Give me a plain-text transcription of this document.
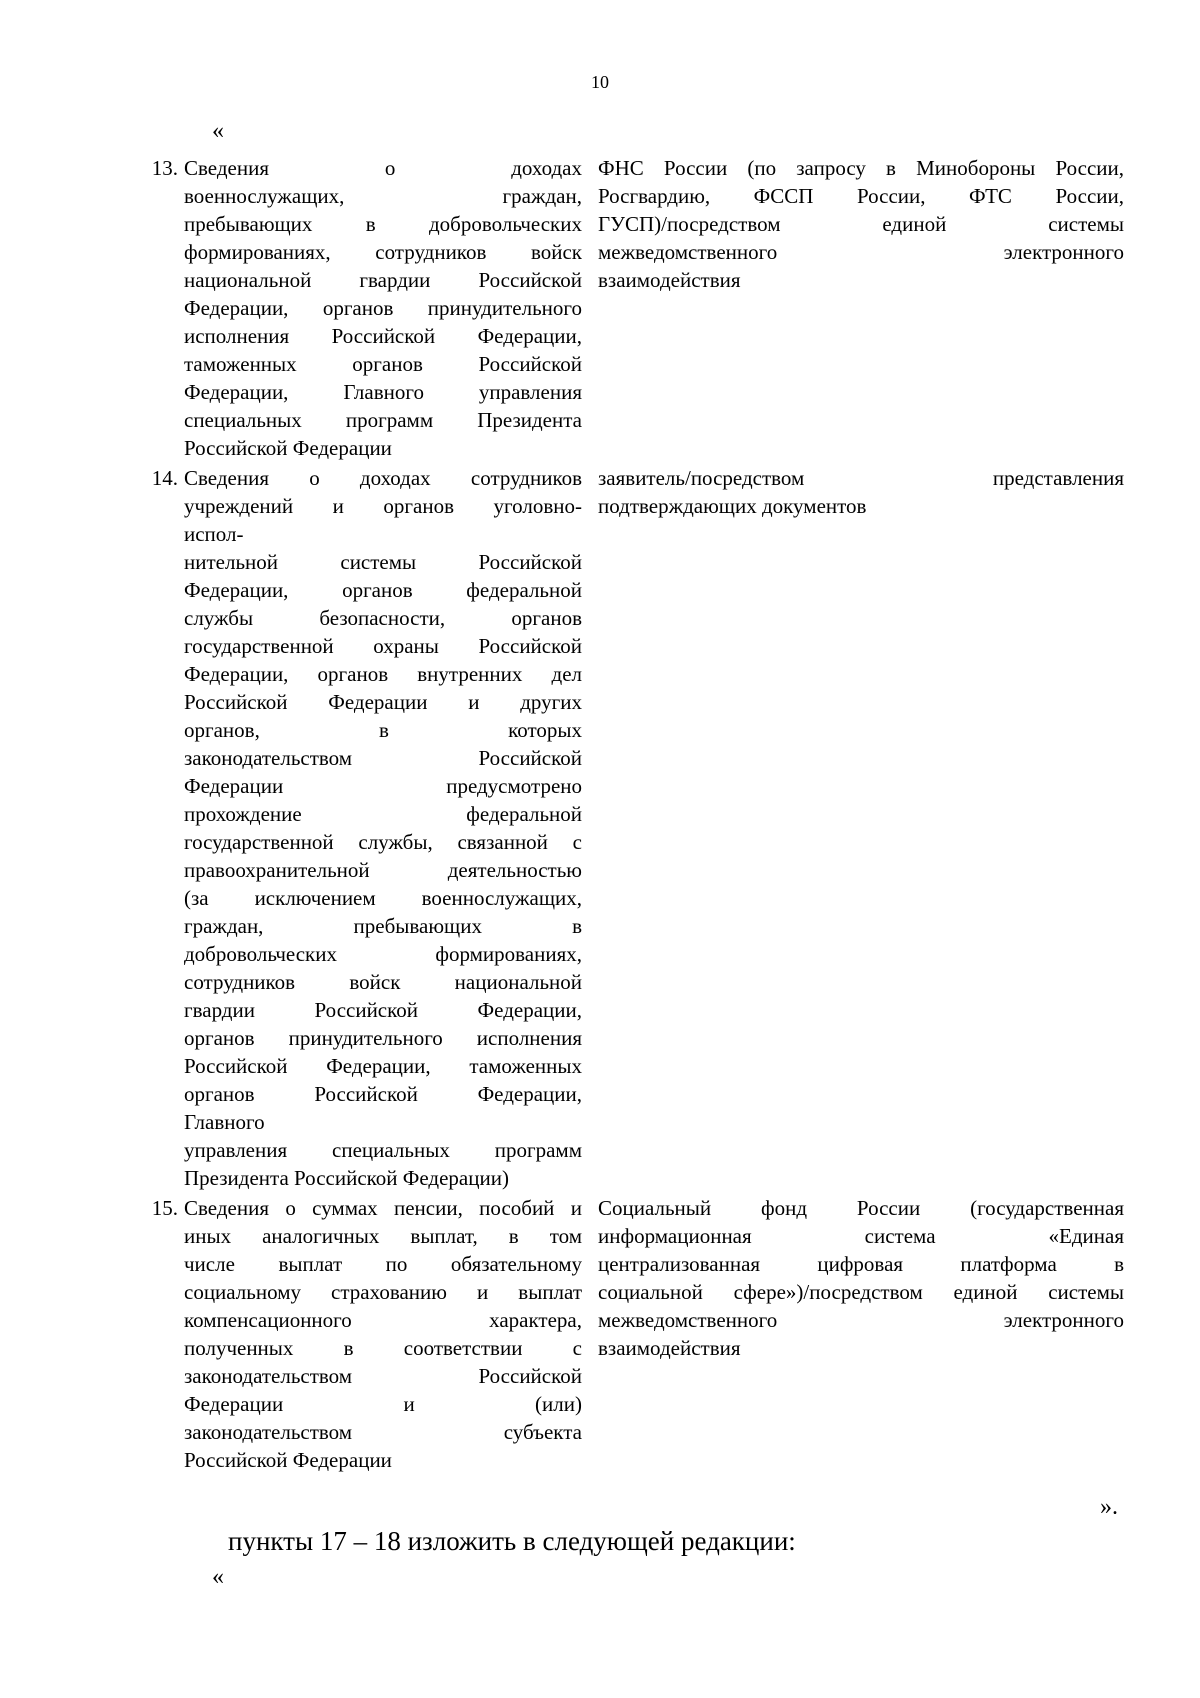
10
«
13. Сведения о доходах
военнослужащих, граждан,
пребывающих в добровольческих
формированиях, сотрудников войск
национальной гвардии Российской
Федерации, органов принудительного
исполнения Российской Федерации,
таможенных органов Российской
Федерации, Главного управления
специальных программ Президента
Российской Федерации
ФНС России (по запросу в Минобороны России,
Росгвардию, ФССП России, ФТС России,
ГУСП)/посредством единой системы
межведомственного электронного
взаимодействия
14. Сведения о доходах сотрудников
учреждений и органов уголовно-
испол-
нительной системы Российской
Федерации, органов федеральной
службы безопасности, органов
государственной охраны Российской
Федерации, органов внутренних дел
Российской Федерации и других
органов, в которых
законодательством Российской
Федерации предусмотрено
прохождение федеральной
государственной службы, связанной с
правоохранительной деятельностью
(за исключением военнослужащих,
граждан, пребывающих в
добровольческих формированиях,
сотрудников войск национальной
гвардии Российской Федерации,
органов принудительного исполнения
Российской Федерации, таможенных
органов Российской Федерации,
Главного
управления специальных программ
Президента Российской Федерации)
заявитель/посредством представления
подтверждающих документов
15. Сведения о суммах пенсии, пособий и
иных аналогичных выплат, в том
числе выплат по обязательному
социальному страхованию и выплат
компенсационного характера,
полученных в соответствии с
законодательством Российской
Федерации и (или)
законодательством субъекта
Российской Федерации
Социальный фонд России (государственная
информационная система «Единая
централизованная цифровая платформа в
социальной сфере»)/посредством единой системы
межведомственного электронного
взаимодействия
».
пункты 17 – 18 изложить в следующей редакции:
«
